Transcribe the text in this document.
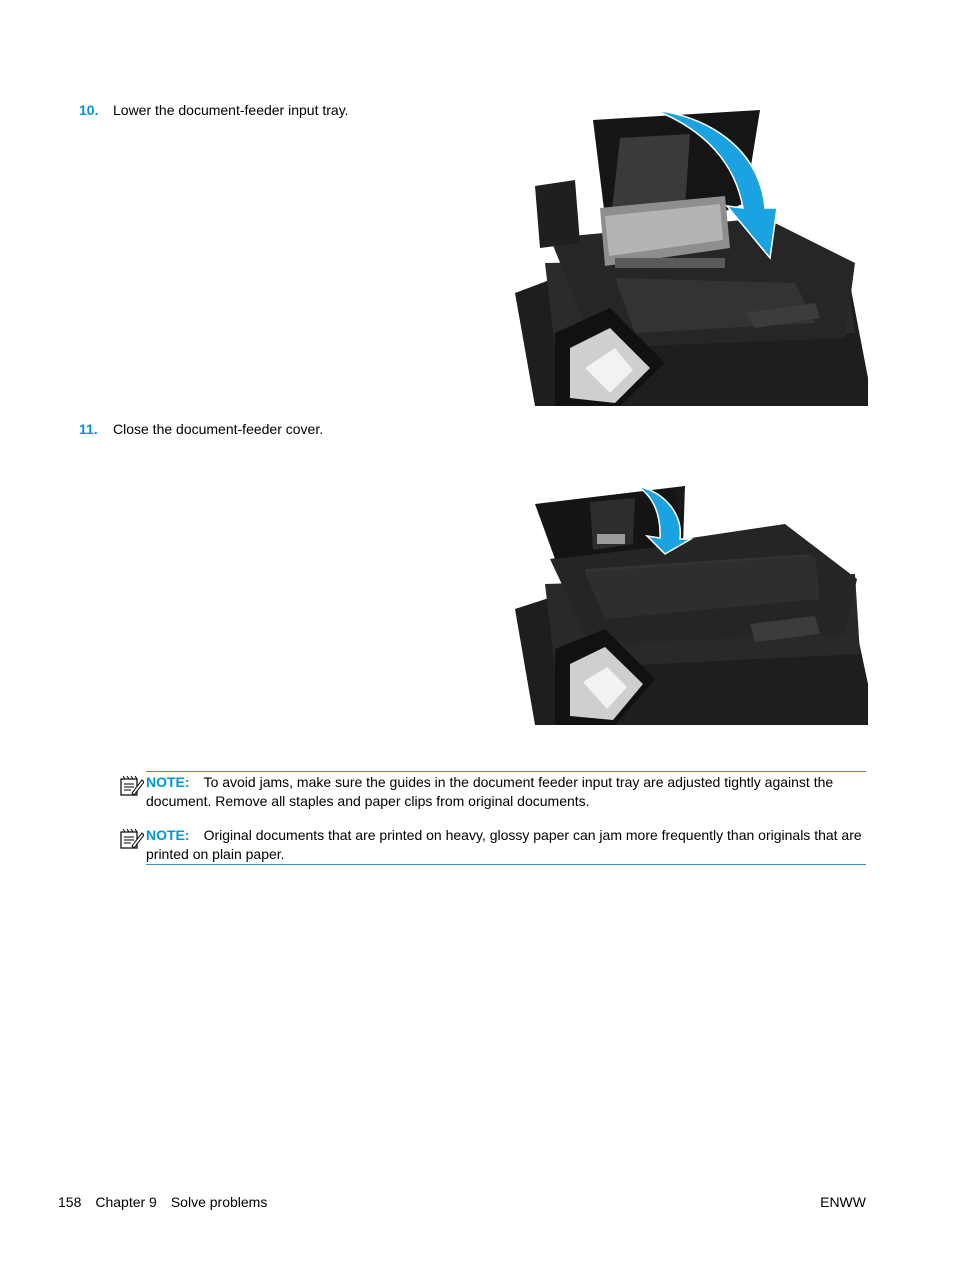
10. Lower the document-feeder input tray.
11. Close the document-feeder cover.
NOTE: To avoid jams, make sure the guides in the document feeder input tray are adjusted tightly against the document. Remove all staples and paper clips from original documents.
NOTE: Original documents that are printed on heavy, glossy paper can jam more frequently than originals that are printed on plain paper.
158 Chapter 9 Solve problems	ENWW
